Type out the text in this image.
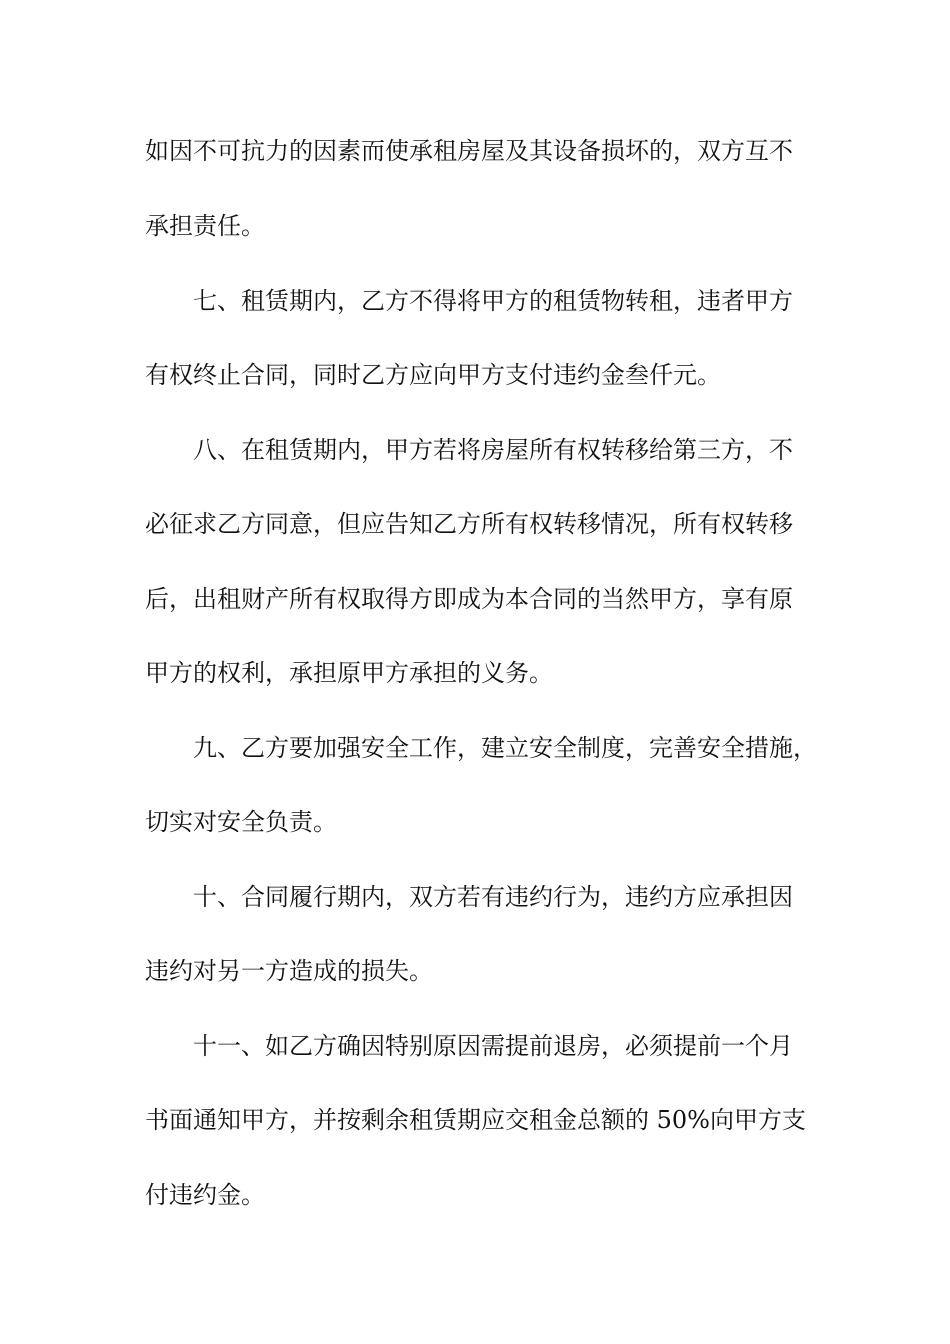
如因不可抗力的因素而使承租房屋及其设备损坏的，双方互不
承担责任。
七、租赁期内，乙方不得将甲方的租赁物转租，违者甲方
有权终止合同，同时乙方应向甲方支付违约金叁仟元。
八、在租赁期内，甲方若将房屋所有权转移给第三方，不
必征求乙方同意，但应告知乙方所有权转移情况，所有权转移
后，出租财产所有权取得方即成为本合同的当然甲方，享有原
甲方的权利，承担原甲方承担的义务。
九、乙方要加强安全工作，建立安全制度，完善安全措施，
切实对安全负责。
十、合同履行期内，双方若有违约行为，违约方应承担因
违约对另一方造成的损失。
十一、如乙方确因特别原因需提前退房，必须提前一个月
书面通知甲方，并按剩余租赁期应交租金总额的 50%向甲方支
付违约金。
